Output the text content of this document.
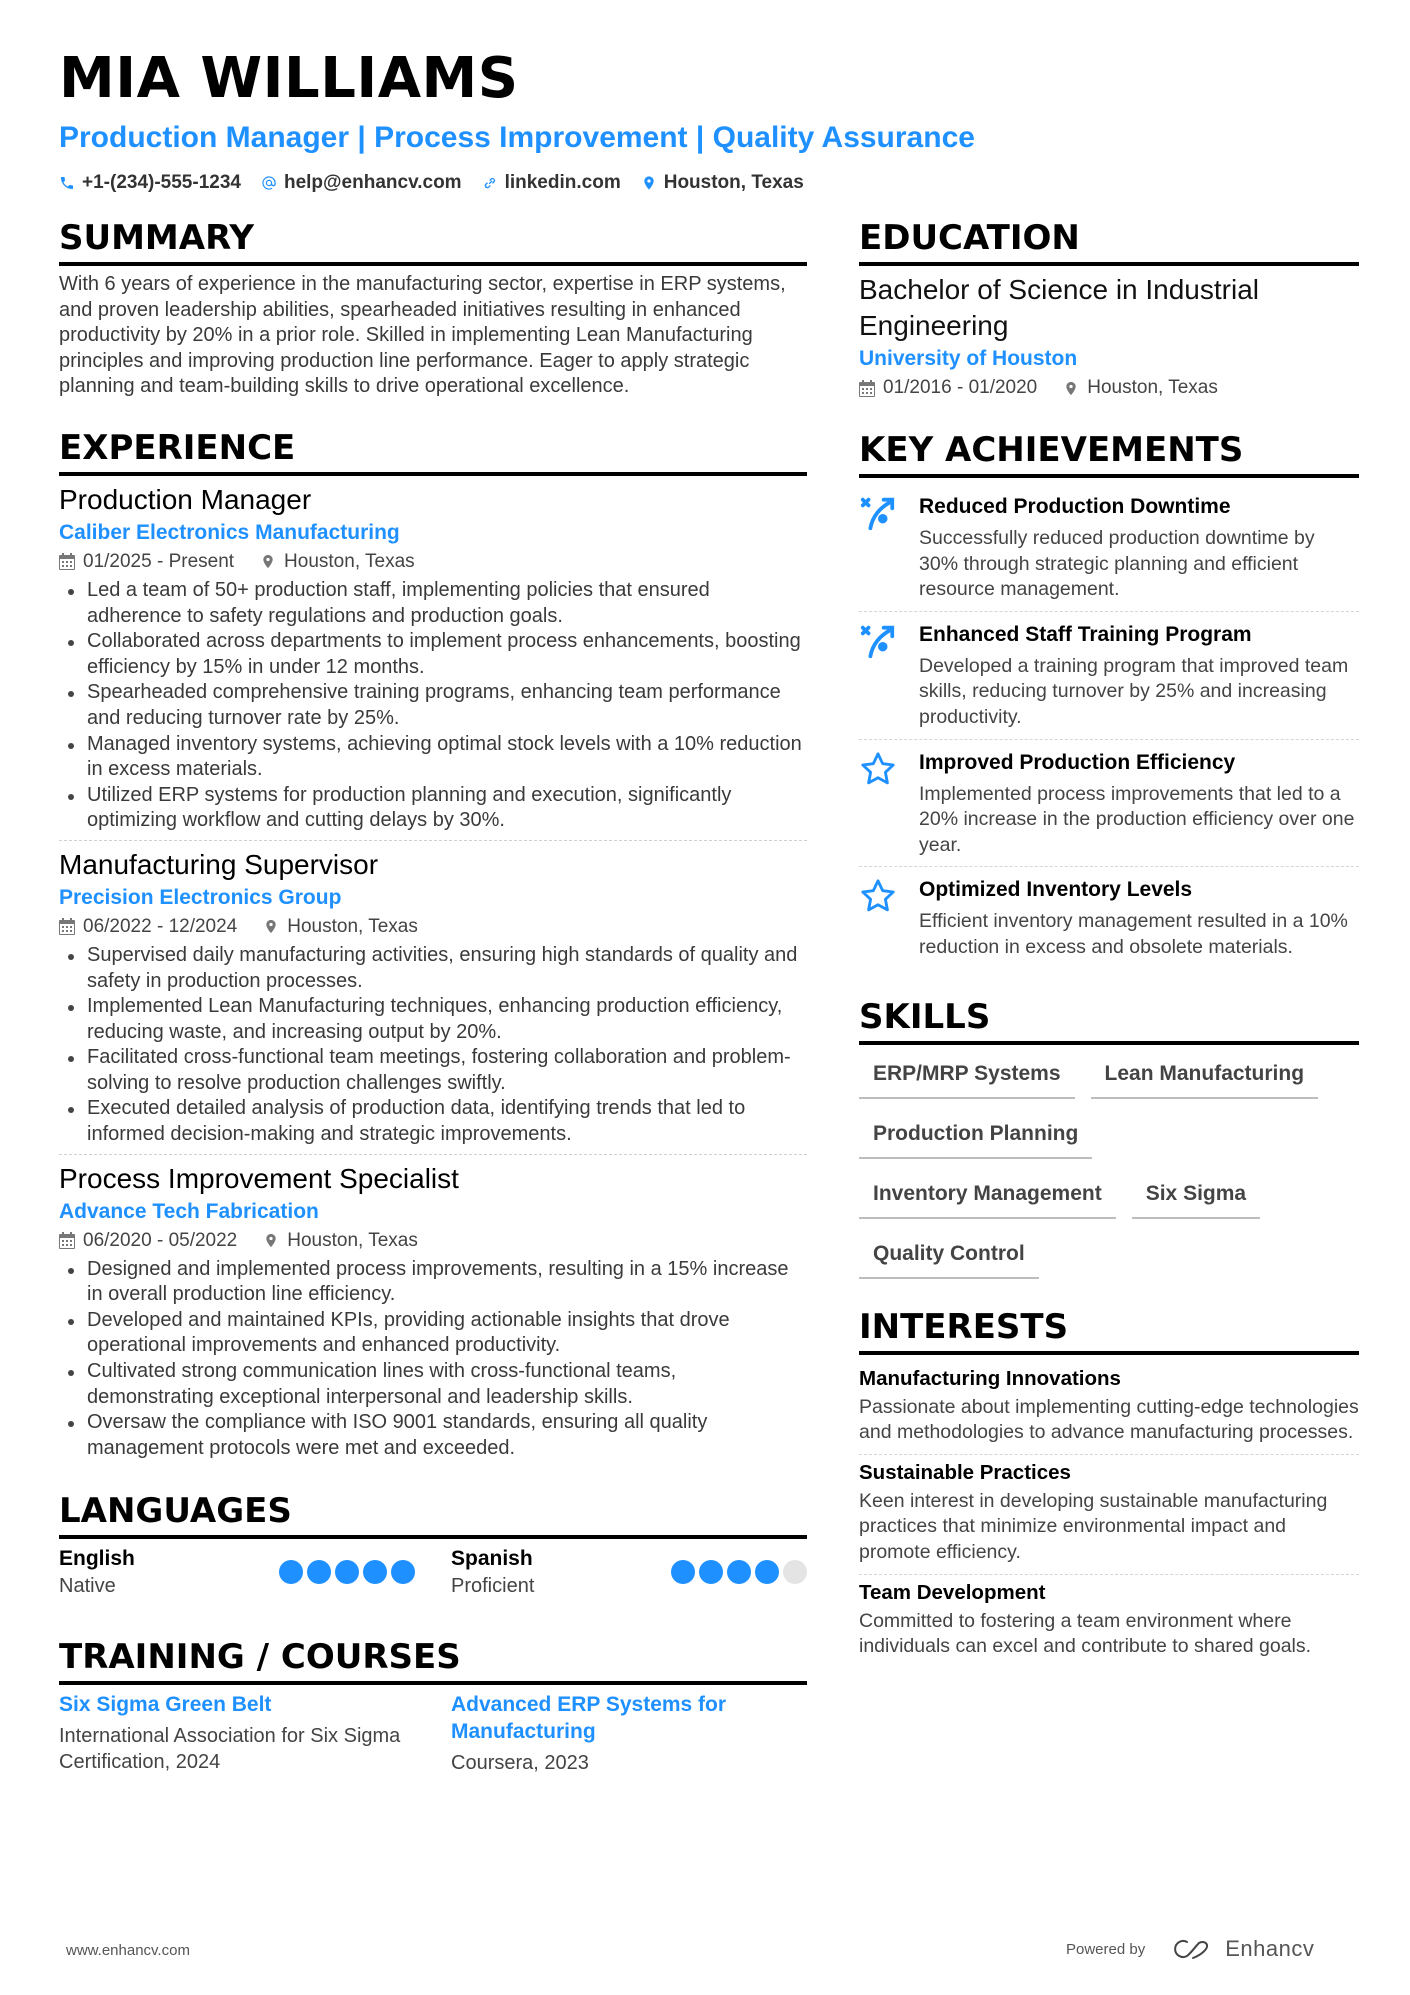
MIA WILLIAMS
Production Manager | Process Improvement | Quality Assurance
+1-(234)-555-1234 help@enhancv.com linkedin.com Houston, Texas
SUMMARY
With 6 years of experience in the manufacturing sector, expertise in ERP systems, and proven leadership abilities, spearheaded initiatives resulting in enhanced productivity by 20% in a prior role. Skilled in implementing Lean Manufacturing principles and improving production line performance. Eager to apply strategic planning and team-building skills to drive operational excellence.
EXPERIENCE
Production Manager
Caliber Electronics Manufacturing
01/2025 - Present	Houston, Texas
Led a team of 50+ production staff, implementing policies that ensured adherence to safety regulations and production goals.
Collaborated across departments to implement process enhancements, boosting efficiency by 15% in under 12 months.
Spearheaded comprehensive training programs, enhancing team performance and reducing turnover rate by 25%.
Managed inventory systems, achieving optimal stock levels with a 10% reduction in excess materials.
Utilized ERP systems for production planning and execution, significantly optimizing workflow and cutting delays by 30%.
Manufacturing Supervisor
Precision Electronics Group
06/2022 - 12/2024	Houston, Texas
Supervised daily manufacturing activities, ensuring high standards of quality and safety in production processes.
Implemented Lean Manufacturing techniques, enhancing production efficiency, reducing waste, and increasing output by 20%.
Facilitated cross-functional team meetings, fostering collaboration and problem-solving to resolve production challenges swiftly.
Executed detailed analysis of production data, identifying trends that led to informed decision-making and strategic improvements.
Process Improvement Specialist
Advance Tech Fabrication
06/2020 - 05/2022	Houston, Texas
Designed and implemented process improvements, resulting in a 15% increase in overall production line efficiency.
Developed and maintained KPIs, providing actionable insights that drove operational improvements and enhanced productivity.
Cultivated strong communication lines with cross-functional teams, demonstrating exceptional interpersonal and leadership skills.
Oversaw the compliance with ISO 9001 standards, ensuring all quality management protocols were met and exceeded.
LANGUAGES
English
Native
Spanish
Proficient
TRAINING / COURSES
Six Sigma Green Belt
International Association for Six Sigma Certification, 2024
Advanced ERP Systems for Manufacturing
Coursera, 2023
EDUCATION
Bachelor of Science in Industrial Engineering
University of Houston
01/2016 - 01/2020	Houston, Texas
KEY ACHIEVEMENTS
Reduced Production Downtime
Successfully reduced production downtime by 30% through strategic planning and efficient resource management.
Enhanced Staff Training Program
Developed a training program that improved team skills, reducing turnover by 25% and increasing productivity.
Improved Production Efficiency
Implemented process improvements that led to a 20% increase in the production efficiency over one year.
Optimized Inventory Levels
Efficient inventory management resulted in a 10% reduction in excess and obsolete materials.
SKILLS
ERP/MRP Systems	Lean Manufacturing
Production Planning
Inventory Management	Six Sigma
Quality Control
INTERESTS
Manufacturing Innovations
Passionate about implementing cutting-edge technologies and methodologies to advance manufacturing processes.
Sustainable Practices
Keen interest in developing sustainable manufacturing practices that minimize environmental impact and promote efficiency.
Team Development
Committed to fostering a team environment where individuals can excel and contribute to shared goals.
www.enhancv.com	Powered by	Enhancv
